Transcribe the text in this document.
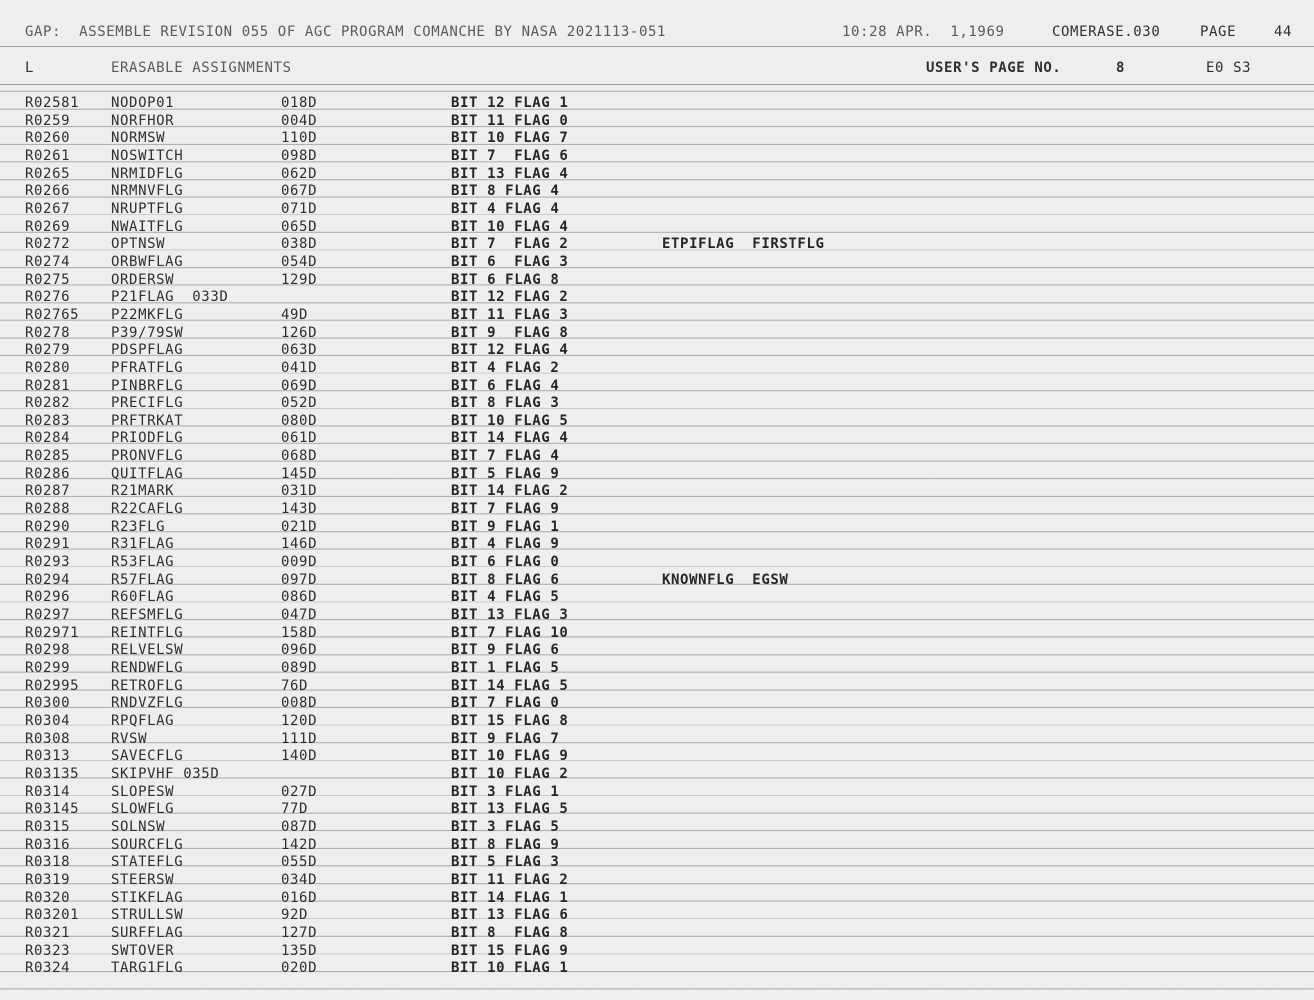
GAP:  ASSEMBLE REVISION 055 OF AGC PROGRAM COMANCHE BY NASA 2021113-051	10:28 APR.  1,1969	COMERASE.030	PAGE	44
L	ERASABLE ASSIGNMENTS	USER'S PAGE NO.	8	E0 S3
R02581 NODOP01	018D	BIT 12 FLAG 1
R0259	NORFHOR	004D	BIT 11 FLAG 0
R0260	NORMSW	110D	BIT 10 FLAG 7
R0261	NOSWITCH	098D	BIT 7  FLAG 6
R0265	NRMIDFLG	062D	BIT 13 FLAG 4
R0266	NRMNVFLG	067D	BIT 8 FLAG 4
R0267	NRUPTFLG	071D	BIT 4 FLAG 4
R0269	NWAITFLG	065D	BIT 10 FLAG 4
R0272	OPTNSW	038D	BIT 7  FLAG 2	ETPIFLAG  FIRSTFLG
R0274	ORBWFLAG	054D	BIT 6  FLAG 3
R0275	ORDERSW	129D	BIT 6 FLAG 8
R0276	P21FLAG  033D	BIT 12 FLAG 2
R02765 P22MKFLG	49D	BIT 11 FLAG 3
R0278	P39/79SW	126D	BIT 9  FLAG 8
R0279	PDSPFLAG	063D	BIT 12 FLAG 4
R0280	PFRATFLG	041D	BIT 4 FLAG 2
R0281	PINBRFLG	069D	BIT 6 FLAG 4
R0282	PRECIFLG	052D	BIT 8 FLAG 3
R0283	PRFTRKAT	080D	BIT 10 FLAG 5
R0284	PRIODFLG	061D	BIT 14 FLAG 4
R0285	PRONVFLG	068D	BIT 7 FLAG 4
R0286	QUITFLAG	145D	BIT 5 FLAG 9
R0287	R21MARK	031D	BIT 14 FLAG 2
R0288	R22CAFLG	143D	BIT 7 FLAG 9
R0290	R23FLG	021D	BIT 9 FLAG 1
R0291	R31FLAG	146D	BIT 4 FLAG 9
R0293	R53FLAG	009D	BIT 6 FLAG 0
R0294	R57FLAG	097D	BIT 8 FLAG 6	KNOWNFLG  EGSW
R0296	R60FLAG	086D	BIT 4 FLAG 5
R0297	REFSMFLG	047D	BIT 13 FLAG 3
R02971 REINTFLG	158D	BIT 7 FLAG 10
R0298	RELVELSW	096D	BIT 9 FLAG 6
R0299	RENDWFLG	089D	BIT 1 FLAG 5
R02995 RETROFLG	76D	BIT 14 FLAG 5
R0300	RNDVZFLG	008D	BIT 7 FLAG 0
R0304	RPQFLAG	120D	BIT 15 FLAG 8
R0308	RVSW	111D	BIT 9 FLAG 7
R0313	SAVECFLG	140D	BIT 10 FLAG 9
R03135 SKIPVHF 035D	BIT 10 FLAG 2
R0314	SLOPESW	027D	BIT 3 FLAG 1
R03145 SLOWFLG	77D	BIT 13 FLAG 5
R0315	SOLNSW	087D	BIT 3 FLAG 5
R0316	SOURCFLG	142D	BIT 8 FLAG 9
R0318	STATEFLG	055D	BIT 5 FLAG 3
R0319	STEERSW	034D	BIT 11 FLAG 2
R0320	STIKFLAG	016D	BIT 14 FLAG 1
R03201 STRULLSW	92D	BIT 13 FLAG 6
R0321	SURFFLAG	127D	BIT 8  FLAG 8
R0323	SWTOVER	135D	BIT 15 FLAG 9
R0324	TARG1FLG	020D	BIT 10 FLAG 1
